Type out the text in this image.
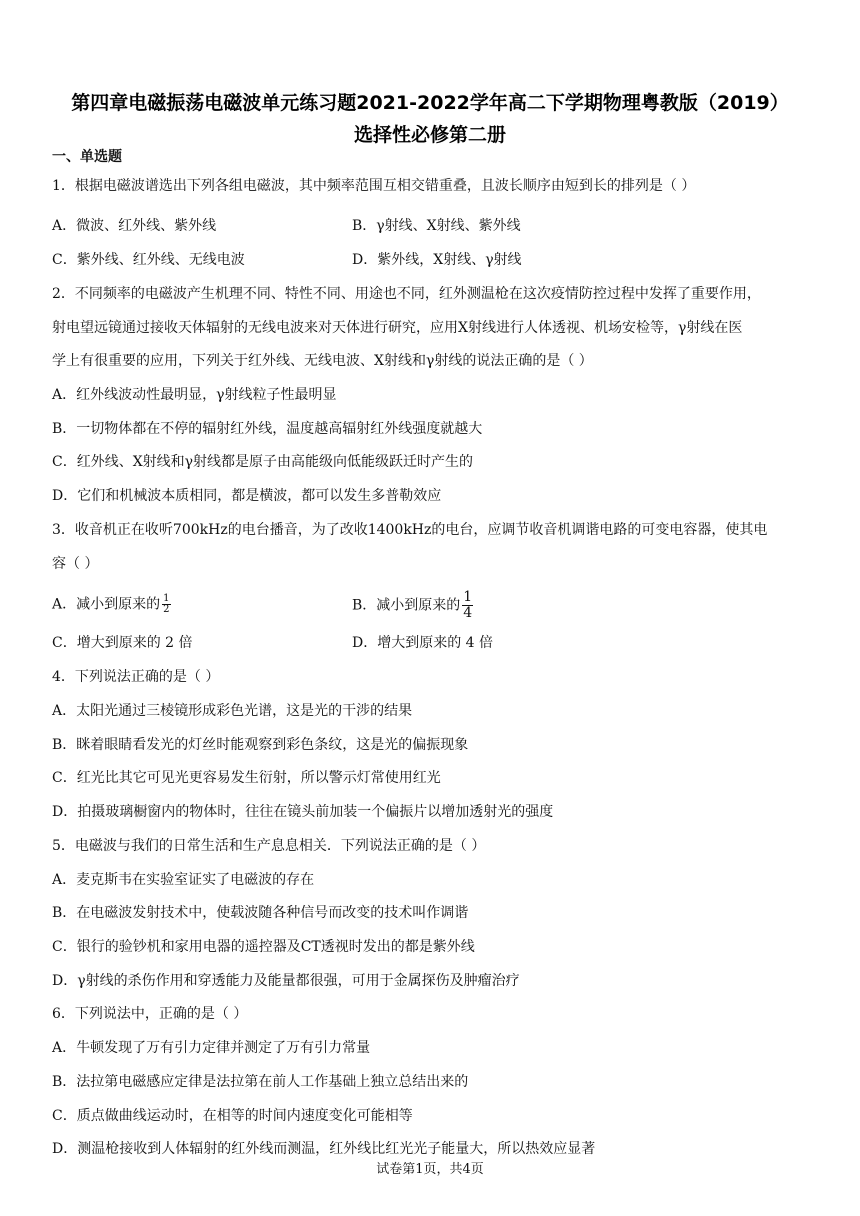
第四章电磁振荡电磁波单元练习题2021-2022学年高二下学期物理粤教版（2019）
选择性必修第二册
一、单选题
1．根据电磁波谱选出下列各组电磁波，其中频率范围互相交错重叠，且波长顺序由短到长的排列是（ ）
A．微波、红外线、紫外线	B．γ射线、X射线、紫外线
C．紫外线、红外线、无线电波	D．紫外线，X射线、γ射线
2．不同频率的电磁波产生机理不同、特性不同、用途也不同，红外测温枪在这次疫情防控过程中发挥了重要作用，
射电望远镜通过接收天体辐射的无线电波来对天体进行研究，应用X射线进行人体透视、机场安检等，γ射线在医
学上有很重要的应用，下列关于红外线、无线电波、X射线和γ射线的说法正确的是（ ）
A．红外线波动性最明显，γ射线粒子性最明显
B．一切物体都在不停的辐射红外线，温度越高辐射红外线强度就越大
C．红外线、X射线和γ射线都是原子由高能级向低能级跃迁时产生的
D．它们和机械波本质相同，都是横波，都可以发生多普勒效应
3．收音机正在收听700kHz的电台播音，为了改收1400kHz的电台，应调节收音机调谐电路的可变电容器，使其电
容（ ）
A．减小到原来的 $\frac{1}{2}$	B．减小到原来的 $\frac{1}{4}$
C．增大到原来的 2 倍	D．增大到原来的 4 倍
4．下列说法正确的是（ ）
A．太阳光通过三棱镜形成彩色光谱，这是光的干涉的结果
B．眯着眼睛看发光的灯丝时能观察到彩色条纹，这是光的偏振现象
C．红光比其它可见光更容易发生衍射，所以警示灯常使用红光
D．拍摄玻璃橱窗内的物体时，往往在镜头前加装一个偏振片以增加透射光的强度
5．电磁波与我们的日常生活和生产息息相关．下列说法正确的是（ ）
A．麦克斯韦在实验室证实了电磁波的存在
B．在电磁波发射技术中，使载波随各种信号而改变的技术叫作调谐
C．银行的验钞机和家用电器的遥控器及CT透视时发出的都是紫外线
D．γ射线的杀伤作用和穿透能力及能量都很强，可用于金属探伤及肿瘤治疗
6．下列说法中，正确的是（ ）
A．牛顿发现了万有引力定律并测定了万有引力常量
B．法拉第电磁感应定律是法拉第在前人工作基础上独立总结出来的
C．质点做曲线运动时，在相等的时间内速度变化可能相等
D．测温枪接收到人体辐射的红外线而测温，红外线比红光光子能量大，所以热效应显著
试卷第1页，共4页
